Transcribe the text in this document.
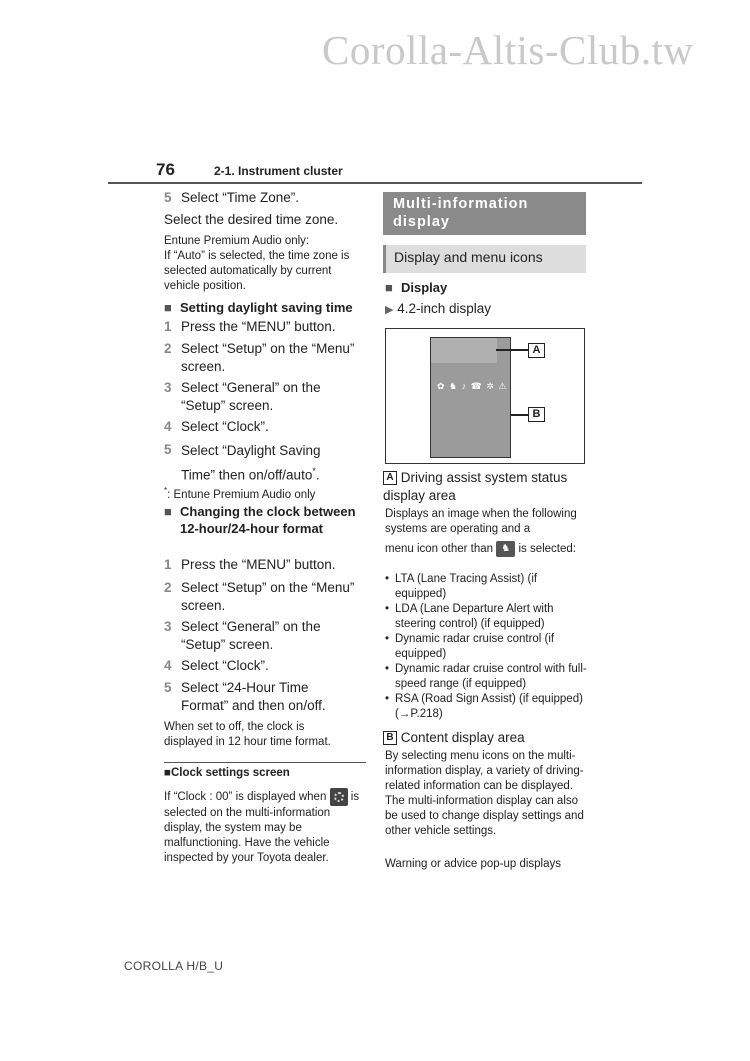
Corolla-Altis-Club.tw
76	2-1. Instrument cluster
5 Select “Time Zone”.
Select the desired time zone.
Entune Premium Audio only:
If “Auto” is selected, the time zone is selected automatically by current vehicle position.
■ Setting daylight saving time
1 Press the “MENU” button.
2 Select “Setup” on the “Menu” screen.
3 Select “General” on the “Setup” screen.
4 Select “Clock”.
5 Select “Daylight Saving Time” then on/off/auto*.
*: Entune Premium Audio only
■ Changing the clock between 12-hour/24-hour format
1 Press the “MENU” button.
2 Select “Setup” on the “Menu” screen.
3 Select “General” on the “Setup” screen.
4 Select “Clock”.
5 Select “24-Hour Time Format” and then on/off.
When set to off, the clock is displayed in 12 hour time format.
■Clock settings screen
If “Clock : 00” is displayed when is selected on the multi-information display, the system may be malfunctioning. Have the vehicle inspected by your Toyota dealer.
Multi-information display
Display and menu icons
■ Display
▶ 4.2-inch display
✿ ♞ ♪ ☎ ✲ ⚠
A
B
A Driving assist system status display area
Displays an image when the following systems are operating and a
menu icon other than ♞ is selected:
• LTA (Lane Tracing Assist) (if equipped)
• LDA (Lane Departure Alert with steering control) (if equipped)
• Dynamic radar cruise control (if equipped)
• Dynamic radar cruise control with full-speed range (if equipped)
• RSA (Road Sign Assist) (if equipped) (→P.218)
B Content display area
By selecting menu icons on the multi-information display, a variety of driving-related information can be displayed. The multi-information display can also be used to change display settings and other vehicle settings.
Warning or advice pop-up displays
COROLLA H/B_U
